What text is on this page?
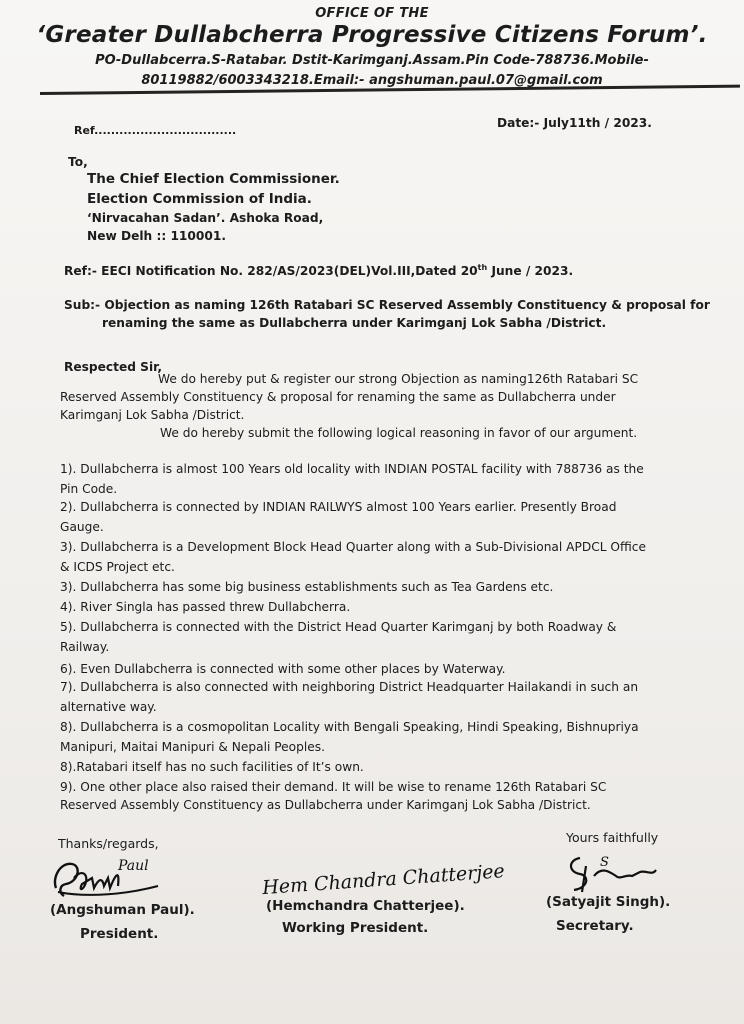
OFFICE OF THE
‘Greater Dullabcherra Progressive Citizens Forum’.
PO-Dullabcerra.S-Ratabar. Dstit-Karimganj.Assam.Pin Code-788736.Mobile-
80119882/6003343218.Email:- angshuman.paul.07@gmail.com
Ref..................................
Date:- July11th / 2023.
To,
The Chief Election Commissioner.
Election Commission of India.
‘Nirvacahan Sadan’. Ashoka Road,
New Delh :: 110001.
Ref:- EECI Notification No. 282/AS/2023(DEL)Vol.III,Dated 20th June / 2023.
Sub:- Objection as naming 126th Ratabari SC Reserved Assembly Constituency & proposal for
renaming the same as Dullabcherra under Karimganj Lok Sabha /District.
Respected Sir,
We do hereby put & register our strong Objection as naming126th Ratabari SC
Reserved Assembly Constituency & proposal for renaming the same as Dullabcherra under
Karimganj Lok Sabha /District.
We do hereby submit the following logical reasoning in favor of our argument.
1). Dullabcherra is almost 100 Years old locality with INDIAN POSTAL facility with 788736 as the
Pin Code.
2). Dullabcherra is connected by INDIAN RAILWYS almost 100 Years earlier. Presently Broad
Gauge.
3). Dullabcherra is a Development Block Head Quarter along with a Sub-Divisional APDCL Office
& ICDS Project etc.
3). Dullabcherra has some big business establishments such as Tea Gardens etc.
4). River Singla has passed threw Dullabcherra.
5). Dullabcherra is connected with the District Head Quarter Karimganj by both Roadway &
Railway.
6). Even Dullabcherra is connected with some other places by Waterway.
7). Dullabcherra is also connected with neighboring District Headquarter Hailakandi in such an
alternative way.
8). Dullabcherra is a cosmopolitan Locality with Bengali Speaking, Hindi Speaking, Bishnupriya
Manipuri, Maitai Manipuri & Nepali Peoples.
8).Ratabari itself has no such facilities of It’s own.
9). One other place also raised their demand. It will be wise to rename 126th Ratabari SC
Reserved Assembly Constituency as Dullabcherra under Karimganj Lok Sabha /District.
Thanks/regards,	Yours faithfully
Paul	Hem Chandra Chatterjee	S
(Angshuman Paul).
President.
(Hemchandra Chatterjee).
Working President.
(Satyajit Singh).
Secretary.
